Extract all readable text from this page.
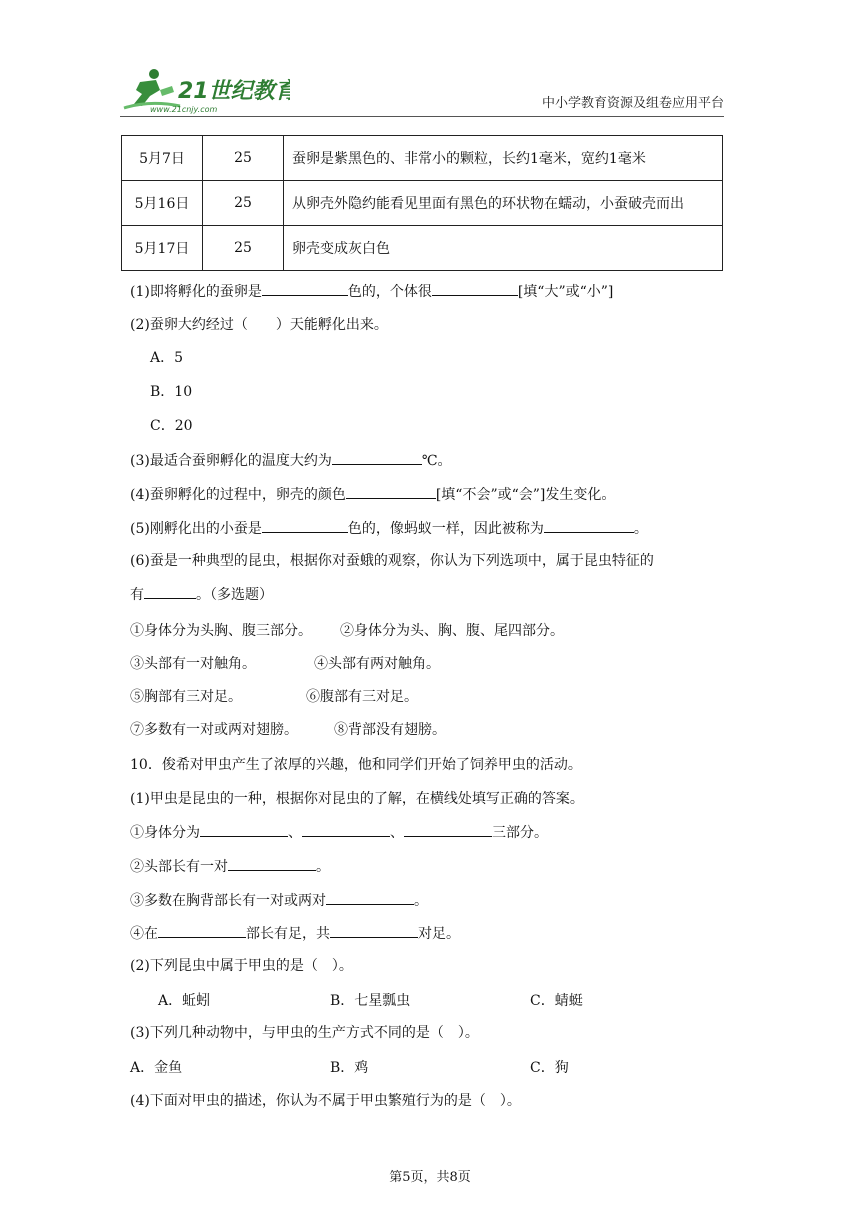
21世纪教育
www.21cnjy.com	中小学教育资源及组卷应用平台
5月7日	25	蚕卵是紫黑色的、非常小的颗粒，长约1毫米，宽约1毫米
5月16日	25	从卵壳外隐约能看见里面有黑色的环状物在蠕动，小蚕破壳而出
5月17日	25	卵壳变成灰白色
(1)即将孵化的蚕卵是	色的，个体很	[填“大”或“小”]
(2)蚕卵大约经过（　　）天能孵化出来。
A．5
B．10
C．20
(3)最适合蚕卵孵化的温度大约为	℃。
(4)蚕卵孵化的过程中，卵壳的颜色	[填“不会”或“会”]发生变化。
(5)刚孵化出的小蚕是	色的，像蚂蚁一样，因此被称为	。
(6)蚕是一种典型的昆虫，根据你对蚕蛾的观察，你认为下列选项中，属于昆虫特征的
有	。（多选题）
①身体分为头胸、腹三部分。 ②身体分为头、胸、腹、尾四部分。
③头部有一对触角。	④头部有两对触角。
⑤胸部有三对足。	⑥腹部有三对足。
⑦多数有一对或两对翅膀。	⑧背部没有翅膀。
10．俊希对甲虫产生了浓厚的兴趣，他和同学们开始了饲养甲虫的活动。
(1)甲虫是昆虫的一种，根据你对昆虫的了解，在横线处填写正确的答案。
①身体分为	、	、	三部分。
②头部长有一对	。
③多数在胸背部长有一对或两对	。
④在	部长有足，共	对足。
(2)下列昆虫中属于甲虫的是（　）。
A．蚯蚓	B．七星瓢虫	C．蜻蜓
(3)下列几种动物中，与甲虫的生产方式不同的是（　）。
A．金鱼	B．鸡	C．狗
(4)下面对甲虫的描述，你认为不属于甲虫繁殖行为的是（　）。
第5页，共8页
